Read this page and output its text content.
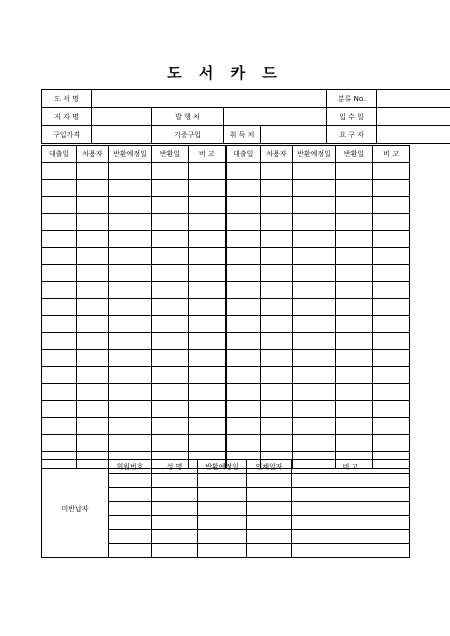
도 서 카 드
도 서 명					분류 No.	
저 자 명		발 행 처			입 수 일	
구입가격		기증구입	취 득 처		요 구 자	
대출일	차용자	반환예정일	반환일	비 고	대출일	차용자	반환예정일	반환일	비 고

미반납자	회원번호	성 명	반환예정일	연체일자	비 고
